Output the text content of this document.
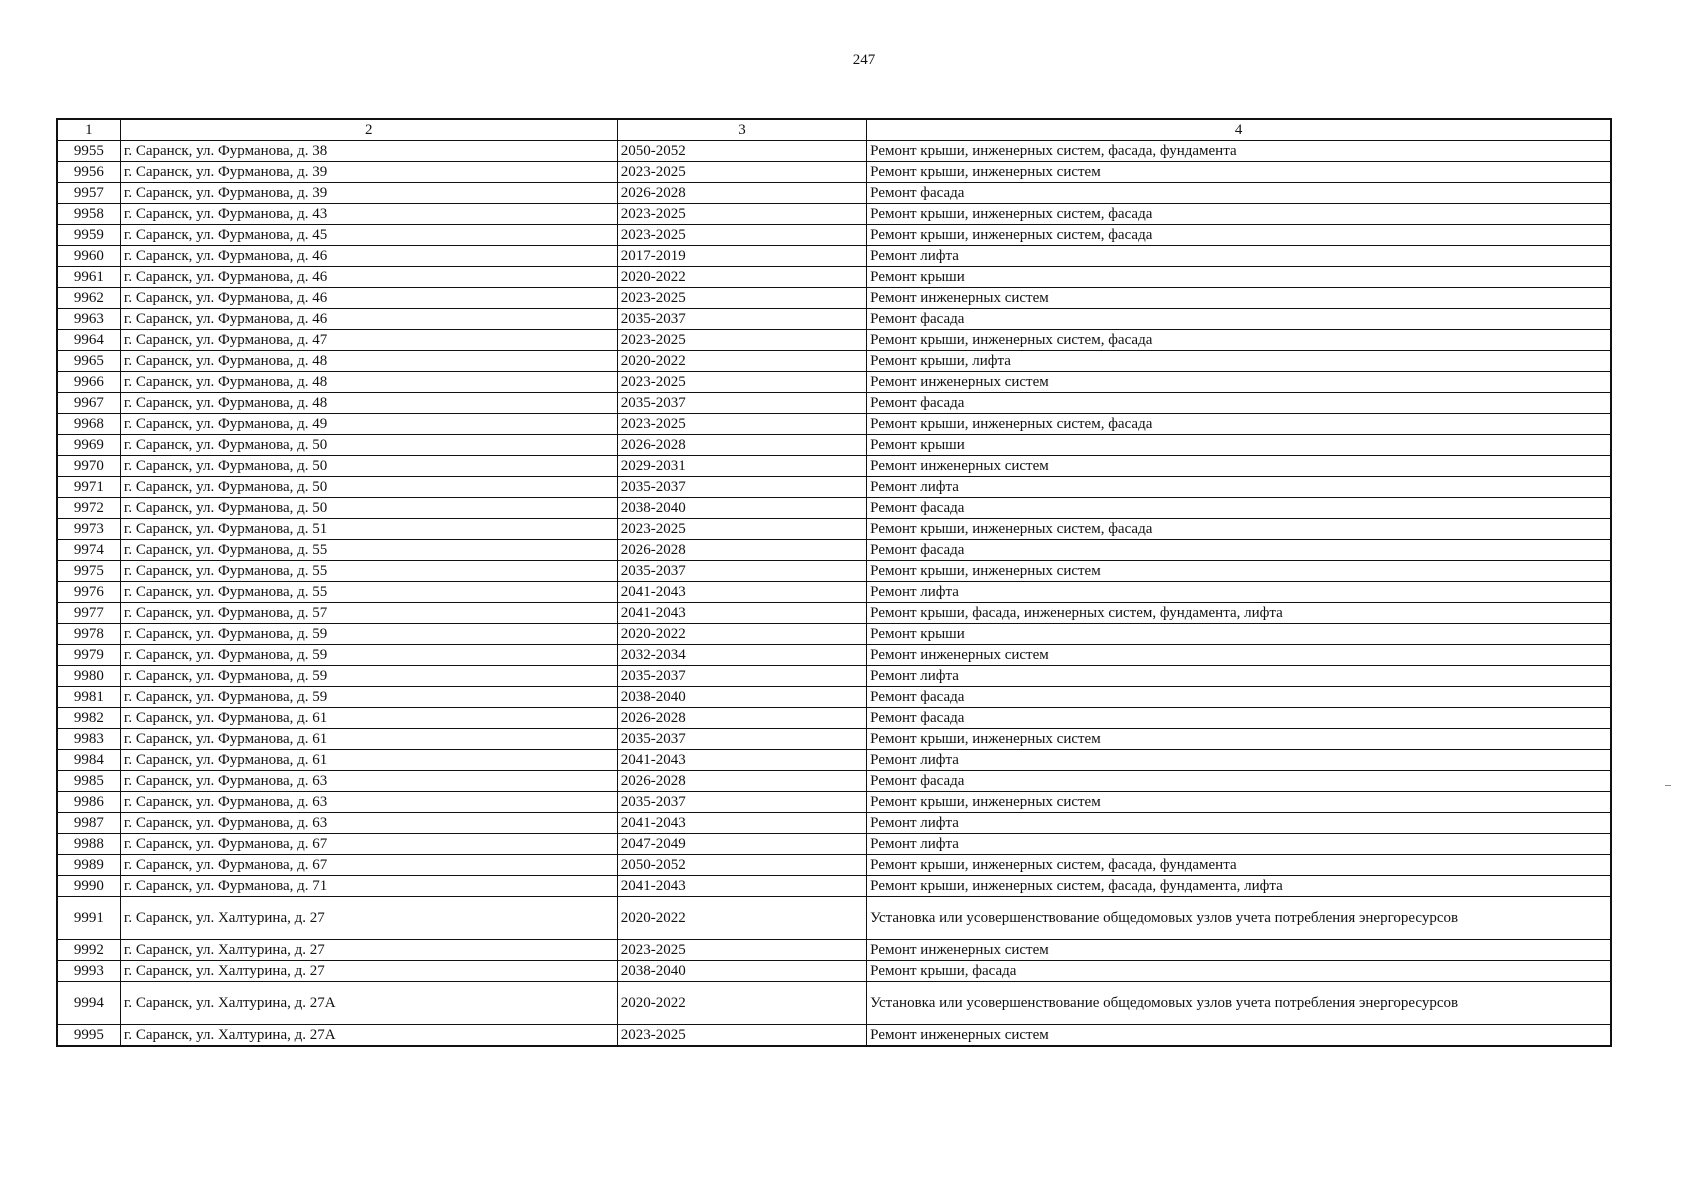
247
1	2	3	4
9955	г. Саранск, ул. Фурманова, д. 38	2050-2052	Ремонт крыши, инженерных систем, фасада, фундамента
9956	г. Саранск, ул. Фурманова, д. 39	2023-2025	Ремонт крыши, инженерных систем
9957	г. Саранск, ул. Фурманова, д. 39	2026-2028	Ремонт фасада
9958	г. Саранск, ул. Фурманова, д. 43	2023-2025	Ремонт крыши, инженерных систем, фасада
9959	г. Саранск, ул. Фурманова, д. 45	2023-2025	Ремонт крыши, инженерных систем, фасада
9960	г. Саранск, ул. Фурманова, д. 46	2017-2019	Ремонт лифта
9961	г. Саранск, ул. Фурманова, д. 46	2020-2022	Ремонт крыши
9962	г. Саранск, ул. Фурманова, д. 46	2023-2025	Ремонт инженерных систем
9963	г. Саранск, ул. Фурманова, д. 46	2035-2037	Ремонт фасада
9964	г. Саранск, ул. Фурманова, д. 47	2023-2025	Ремонт крыши, инженерных систем, фасада
9965	г. Саранск, ул. Фурманова, д. 48	2020-2022	Ремонт крыши, лифта
9966	г. Саранск, ул. Фурманова, д. 48	2023-2025	Ремонт инженерных систем
9967	г. Саранск, ул. Фурманова, д. 48	2035-2037	Ремонт фасада
9968	г. Саранск, ул. Фурманова, д. 49	2023-2025	Ремонт крыши, инженерных систем, фасада
9969	г. Саранск, ул. Фурманова, д. 50	2026-2028	Ремонт крыши
9970	г. Саранск, ул. Фурманова, д. 50	2029-2031	Ремонт инженерных систем
9971	г. Саранск, ул. Фурманова, д. 50	2035-2037	Ремонт лифта
9972	г. Саранск, ул. Фурманова, д. 50	2038-2040	Ремонт фасада
9973	г. Саранск, ул. Фурманова, д. 51	2023-2025	Ремонт крыши, инженерных систем, фасада
9974	г. Саранск, ул. Фурманова, д. 55	2026-2028	Ремонт фасада
9975	г. Саранск, ул. Фурманова, д. 55	2035-2037	Ремонт крыши, инженерных систем
9976	г. Саранск, ул. Фурманова, д. 55	2041-2043	Ремонт лифта
9977	г. Саранск, ул. Фурманова, д. 57	2041-2043	Ремонт крыши, фасада, инженерных систем, фундамента, лифта
9978	г. Саранск, ул. Фурманова, д. 59	2020-2022	Ремонт крыши
9979	г. Саранск, ул. Фурманова, д. 59	2032-2034	Ремонт инженерных систем
9980	г. Саранск, ул. Фурманова, д. 59	2035-2037	Ремонт лифта
9981	г. Саранск, ул. Фурманова, д. 59	2038-2040	Ремонт фасада
9982	г. Саранск, ул. Фурманова, д. 61	2026-2028	Ремонт фасада
9983	г. Саранск, ул. Фурманова, д. 61	2035-2037	Ремонт крыши, инженерных систем
9984	г. Саранск, ул. Фурманова, д. 61	2041-2043	Ремонт лифта
9985	г. Саранск, ул. Фурманова, д. 63	2026-2028	Ремонт фасада
9986	г. Саранск, ул. Фурманова, д. 63	2035-2037	Ремонт крыши, инженерных систем
9987	г. Саранск, ул. Фурманова, д. 63	2041-2043	Ремонт лифта
9988	г. Саранск, ул. Фурманова, д. 67	2047-2049	Ремонт лифта
9989	г. Саранск, ул. Фурманова, д. 67	2050-2052	Ремонт крыши, инженерных систем, фасада, фундамента
9990	г. Саранск, ул. Фурманова, д. 71	2041-2043	Ремонт крыши, инженерных систем, фасада, фундамента, лифта
9991	г. Саранск, ул. Халтурина, д. 27	2020-2022	Установка или усовершенствование общедомовых узлов учета потребления энергоресурсов
9992	г. Саранск, ул. Халтурина, д. 27	2023-2025	Ремонт инженерных систем
9993	г. Саранск, ул. Халтурина, д. 27	2038-2040	Ремонт крыши, фасада
9994	г. Саранск, ул. Халтурина, д. 27А	2020-2022	Установка или усовершенствование общедомовых узлов учета потребления энергоресурсов
9995	г. Саранск, ул. Халтурина, д. 27А	2023-2025	Ремонт инженерных систем
